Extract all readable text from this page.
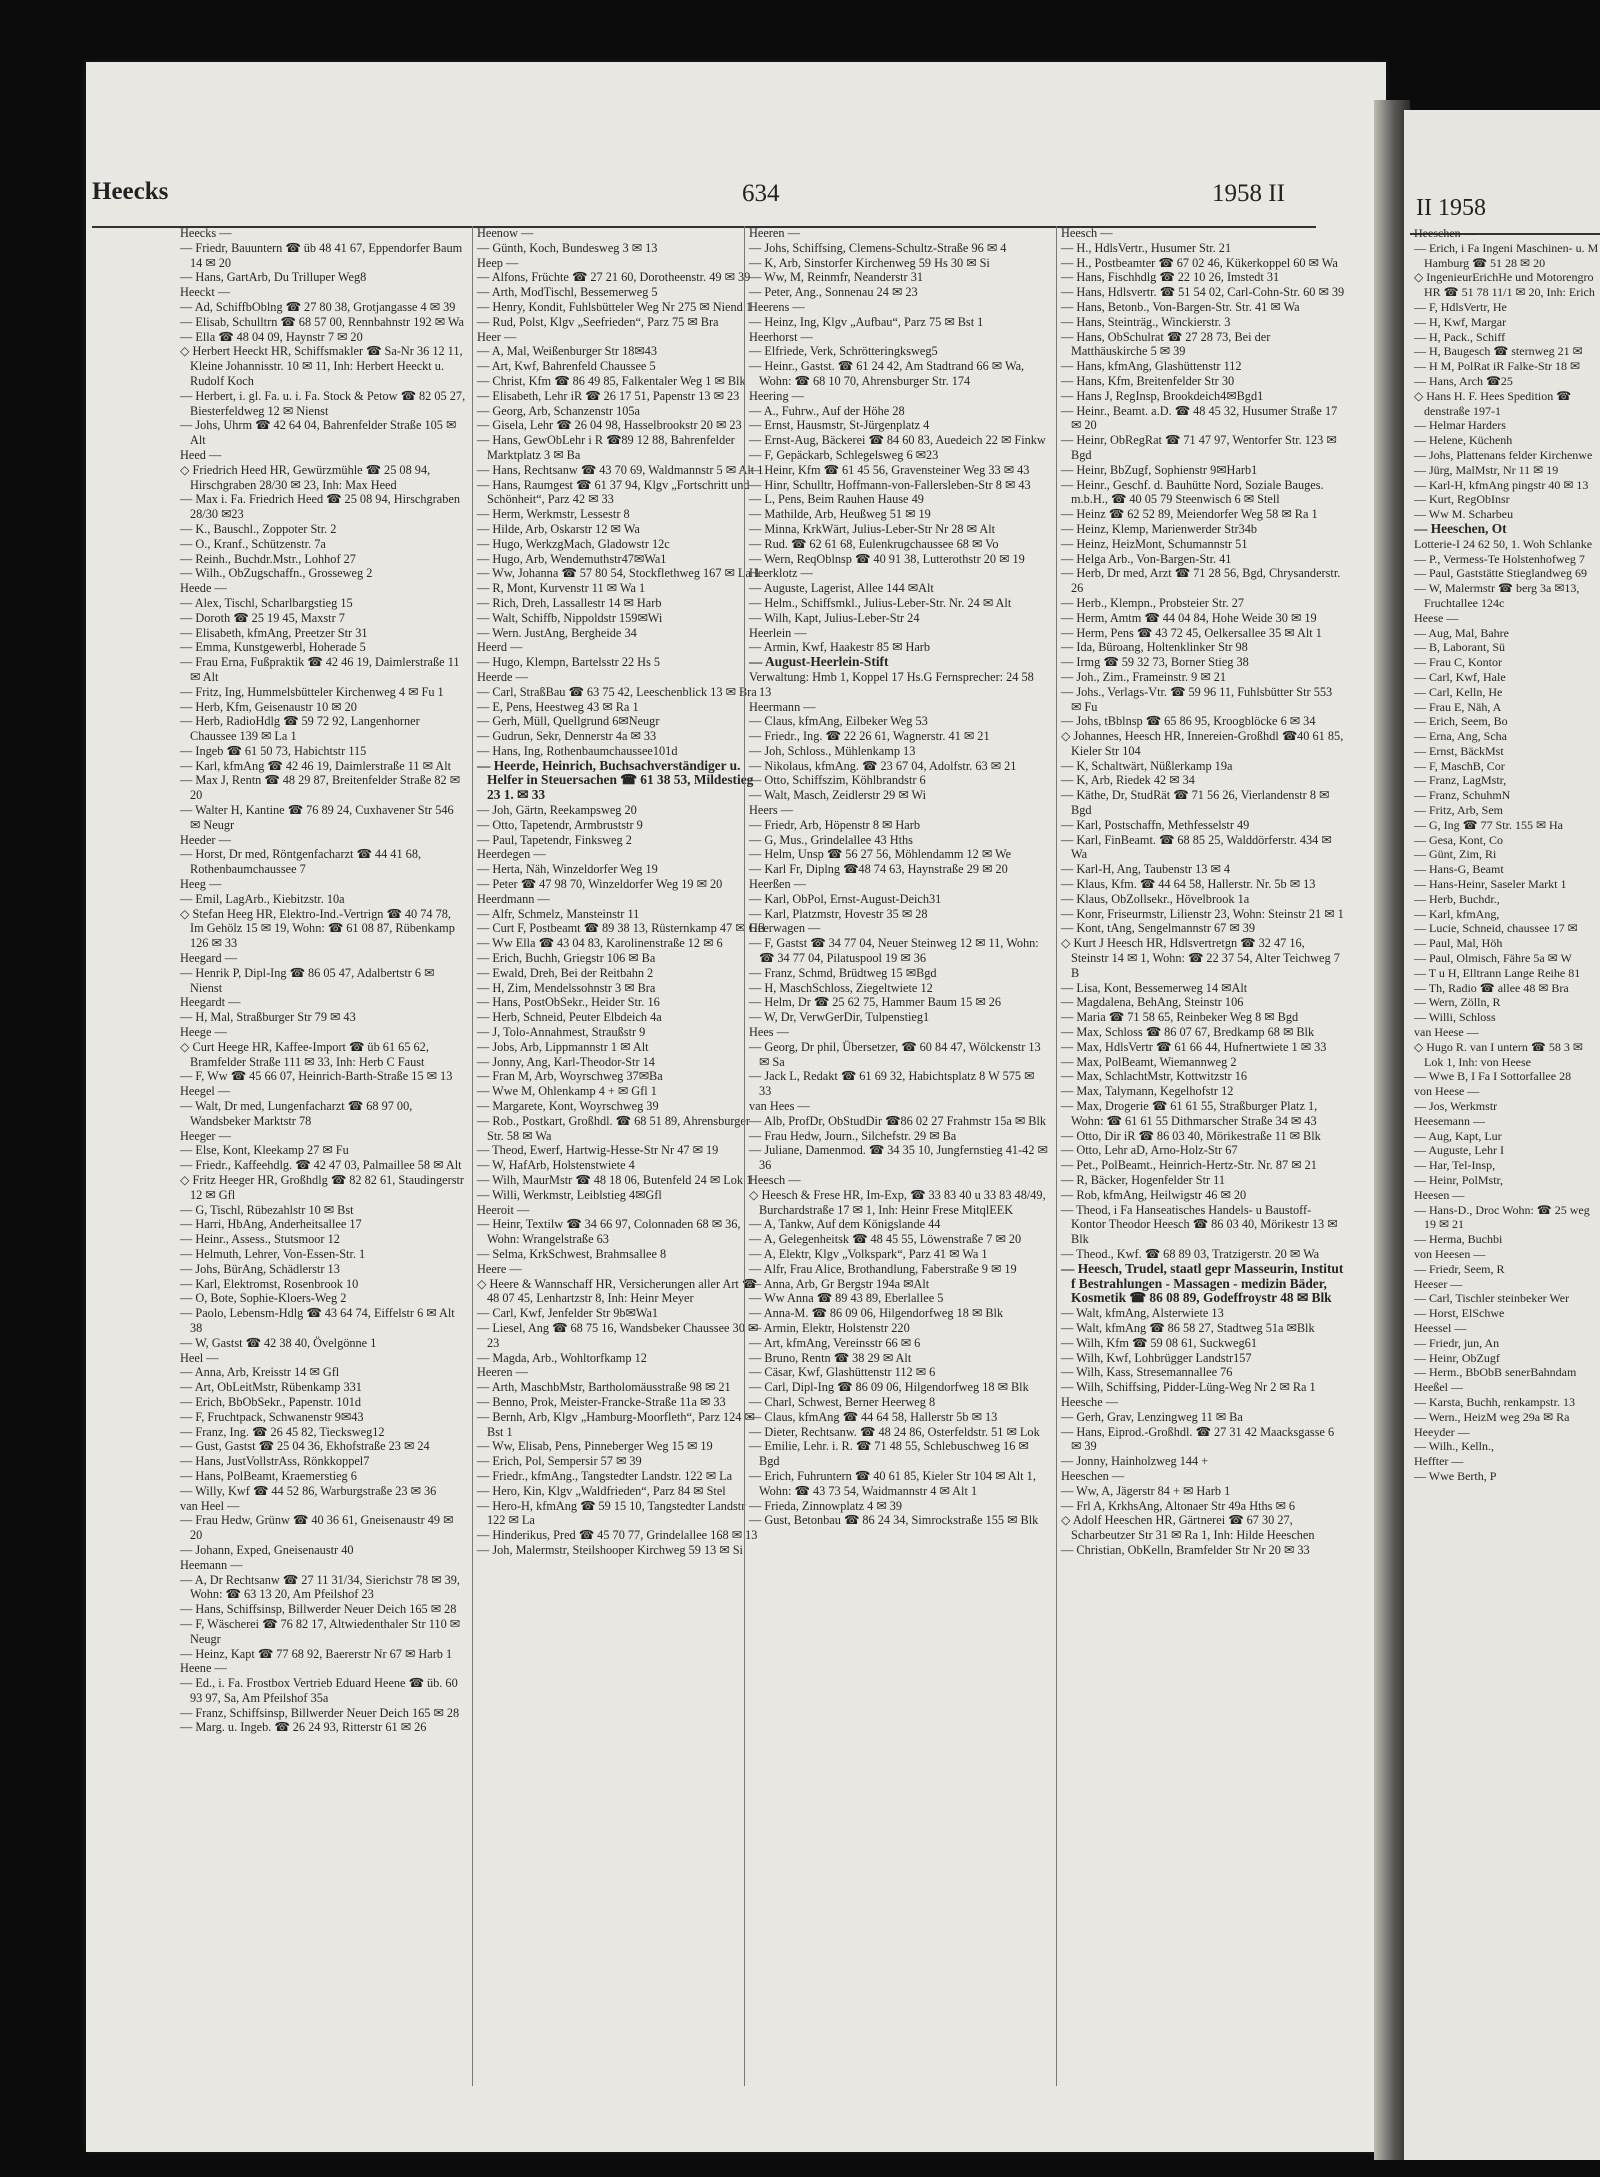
Heecks	634	1958 II
II 1958

Heecks —

— Friedr, Bauuntern ☎ üb 48 41 67, Eppendorfer Baum 14 ✉ 20

— Hans, GartArb, Du Trilluper Weg8

Heeckt —

— Ad, SchiffbOblng ☎ 27 80 38, Grotjangasse 4 ✉ 39

— Elisab, Schulltrn ☎ 68 57 00, Rennbahnstr 192 ✉ Wa

— Ella ☎ 48 04 09, Haynstr 7 ✉ 20

◇ Herbert Heeckt HR, Schiffsmakler ☎ Sa-Nr 36 12 11, Kleine Johannisstr. 10 ✉ 11, Inh: Herbert Heeckt u. Rudolf Koch

— Herbert, i. gl. Fa. u. i. Fa. Stock & Petow ☎ 82 05 27, Biesterfeldweg 12 ✉ Nienst

— Johs, Uhrm ☎ 42 64 04, Bahrenfelder Straße 105 ✉ Alt

Heed —

◇ Friedrich Heed HR, Gewürzmühle ☎ 25 08 94, Hirschgraben 28/30 ✉ 23, Inh: Max Heed

— Max i. Fa. Friedrich Heed ☎ 25 08 94, Hirschgraben 28/30 ✉23

— K., Bauschl., Zoppoter Str. 2

— O., Kranf., Schützenstr. 7a

— Reinh., Buchdr.Mstr., Lohhof 27

— Wilh., ObZugschaffn., Grosseweg 2

Heede —

— Alex, Tischl, Scharlbargstieg 15

— Doroth ☎ 25 19 45, Maxstr 7

— Elisabeth, kfmAng, Preetzer Str 31

— Emma, Kunstgewerbl, Hoherade 5

— Frau Erna, Fußpraktik ☎ 42 46 19, Daimlerstraße 11 ✉ Alt

— Fritz, Ing, Hummelsbütteler Kirchenweg 4 ✉ Fu 1

— Herb, Kfm, Geisenaustr 10 ✉ 20

— Herb, RadioHdlg ☎ 59 72 92, Langenhorner Chaussee 139 ✉ La 1

— Ingeb ☎ 61 50 73, Habichtstr 115

— Karl, kfmAng ☎ 42 46 19, Daimlerstraße 11 ✉ Alt

— Max J, Rentn ☎ 48 29 87, Breitenfelder Straße 82 ✉ 20

— Walter H, Kantine ☎ 76 89 24, Cuxhavener Str 546 ✉ Neugr

Heeder —

— Horst, Dr med, Röntgenfacharzt ☎ 44 41 68, Rothenbaumchaussee 7

Heeg —

— Emil, LagArb., Kiebitzstr. 10a

◇ Stefan Heeg HR, Elektro-Ind.-Vertrign ☎ 40 74 78, Im Gehölz 15 ✉ 19, Wohn: ☎ 61 08 87, Rübenkamp 126 ✉ 33

Heegard —

— Henrik P, Dipl-Ing ☎ 86 05 47, Adalbertstr 6 ✉ Nienst

Heegardt —

— H, Mal, Straßburger Str 79 ✉ 43

Heege —

◇ Curt Heege HR, Kaffee-Import ☎ üb 61 65 62, Bramfelder Straße 111 ✉ 33, Inh: Herb C Faust

— F, Ww ☎ 45 66 07, Heinrich-Barth-Straße 15 ✉ 13

Heegel —

— Walt, Dr med, Lungenfacharzt ☎ 68 97 00, Wandsbeker Marktstr 78

Heeger —

— Else, Kont, Kleekamp 27 ✉ Fu

— Friedr., Kaffeehdlg. ☎ 42 47 03, Palmaillee 58 ✉ Alt

◇ Fritz Heeger HR, Großhdlg ☎ 82 82 61, Staudingerstr 12 ✉ Gfl

— G, Tischl, Rübezahlstr 10 ✉ Bst

— Harri, HbAng, Anderheitsallee 17

— Heinr., Assess., Stutsmoor 12

— Helmuth, Lehrer, Von-Essen-Str. 1

— Johs, BürAng, Schädlerstr 13

— Karl, Elektromst, Rosenbrook 10

— O, Bote, Sophie-Kloers-Weg 2

— Paolo, Lebensm-Hdlg ☎ 43 64 74, Eiffelstr 6 ✉ Alt 38

— W, Gastst ☎ 42 38 40, Övelgönne 1

Heel —

— Anna, Arb, Kreisstr 14 ✉ Gfl

— Art, ObLeitMstr, Rübenkamp 331

— Erich, BbObSekr., Papenstr. 101d

— F, Fruchtpack, Schwanenstr 9✉43

— Franz, Ing. ☎ 26 45 82, Tiecksweg12

— Gust, Gastst ☎ 25 04 36, Ekhofstraße 23 ✉ 24

— Hans, JustVollstrAss, Rönkkoppel7

— Hans, PolBeamt, Kraemerstieg 6

— Willy, Kwf ☎ 44 52 86, Warburgstraße 23 ✉ 36

van Heel —

— Frau Hedw, Grünw ☎ 40 36 61, Gneisenaustr 49 ✉ 20

— Johann, Exped, Gneisenaustr 40

Heemann —

— A, Dr Rechtsanw ☎ 27 11 31/34, Sierichstr 78 ✉ 39, Wohn: ☎ 63 13 20, Am Pfeilshof 23

— Hans, Schiffsinsp, Billwerder Neuer Deich 165 ✉ 28

— F, Wäscherei ☎ 76 82 17, Altwiedenthaler Str 110 ✉ Neugr

— Heinz, Kapt ☎ 77 68 92, Baererstr Nr 67 ✉ Harb 1

Heene —

— Ed., i. Fa. Frostbox Vertrieb Eduard Heene ☎ üb. 60 93 97, Sa, Am Pfeilshof 35a

— Franz, Schiffsinsp, Billwerder Neuer Deich 165 ✉ 28

— Marg. u. Ingeb. ☎ 26 24 93, Ritterstr 61 ✉ 26

Heenow —

— Günth, Koch, Bundesweg 3 ✉ 13

Heep —

— Alfons, Früchte ☎ 27 21 60, Dorotheenstr. 49 ✉ 39

— Arth, ModTischl, Bessemerweg 5

— Henry, Kondit, Fuhlsbütteler Weg Nr 275 ✉ Niend 1

— Rud, Polst, Klgv „Seefrieden“, Parz 75 ✉ Bra

Heer —

— A, Mal, Weißenburger Str 18✉43

— Art, Kwf, Bahrenfeld Chaussee 5

— Christ, Kfm ☎ 86 49 85, Falkentaler Weg 1 ✉ Blk

— Elisabeth, Lehr iR ☎ 26 17 51, Papenstr 13 ✉ 23

— Georg, Arb, Schanzenstr 105a

— Gisela, Lehr ☎ 26 04 98, Hasselbrookstr 20 ✉ 23

— Hans, GewObLehr i R ☎89 12 88, Bahrenfelder Marktplatz 3 ✉ Ba

— Hans, Rechtsanw ☎ 43 70 69, Waldmannstr 5 ✉ Alt 1

— Hans, Raumgest ☎ 61 37 94, Klgv „Fortschritt und Schönheit“, Parz 42 ✉ 33

— Herm, Werkmstr, Lessestr 8

— Hilde, Arb, Oskarstr 12 ✉ Wa

— Hugo, WerkzgMach, Gladowstr 12c

— Hugo, Arb, Wendemuthstr47✉Wa1

— Ww, Johanna ☎ 57 80 54, Stockflethweg 167 ✉ La 1

— R, Mont, Kurvenstr 11 ✉ Wa 1

— Rich, Dreh, Lassallestr 14 ✉ Harb

— Walt, Schiffb, Nippoldstr 159✉Wi

— Wern. JustAng, Bergheide 34

Heerd —

— Hugo, Klempn, Bartelsstr 22 Hs 5

Heerde —

— Carl, StraßBau ☎ 63 75 42, Leeschenblick 13 ✉ Bra

— E, Pens, Heestweg 43 ✉ Ra 1

— Gerh, Müll, Quellgrund 6✉Neugr

— Gudrun, Sekr, Dennerstr 4a ✉ 33

— Hans, Ing, Rothenbaumchaussee101d

— Heerde, Heinrich, Buchsachverständiger u. Helfer in Steuersachen ☎ 61 38 53, Mildestieg 23 1. ✉ 33

— Joh, Gärtn, Reekampsweg 20

— Otto, Tapetendr, Armbruststr 9

— Paul, Tapetendr, Finksweg 2

Heerdegen —

— Herta, Näh, Winzeldorfer Weg 19

— Peter ☎ 47 98 70, Winzeldorfer Weg 19 ✉ 20

Heerdmann —

— Alfr, Schmelz, Mansteinstr 11

— Curt F, Postbeamt ☎ 89 38 13, Rüsternkamp 47 ✉ Gfl

— Ww Ella ☎ 43 04 83, Karolinenstraße 12 ✉ 6

— Erich, Buchh, Griegstr 106 ✉ Ba

— Ewald, Dreh, Bei der Reitbahn 2

— H, Zim, Mendelssohnstr 3 ✉ Bra

— Hans, PostObSekr., Heider Str. 16

— Herb, Schneid, Peuter Elbdeich 4a

— J, Tolo-Annahmest, Straußstr 9

— Jobs, Arb, Lippmannstr 1 ✉ Alt

— Jonny, Ang, Karl-Theodor-Str 14

— Fran M, Arb, Woyrschweg 37✉Ba

— Wwe M, Ohlenkamp 4 + ✉ Gfl 1

— Margarete, Kont, Woyrschweg 39

— Rob., Postkart, Großhdl. ☎ 68 51 89, Ahrensburger Str. 58 ✉ Wa

— Theod, Ewerf, Hartwig-Hesse-Str Nr 47 ✉ 19

— W, HafArb, Holstenstwiete 4

— Wilh, MaurMstr ☎ 48 18 06, Butenfeld 24 ✉ Lok 1

— Willi, Werkmstr, Leiblstieg 4✉Gfl

Heeroit —

— Heinr, Textilw ☎ 34 66 97, Colonnaden 68 ✉ 36, Wohn: Wrangelstraße 63

— Selma, KrkSchwest, Brahmsallee 8

Heere —

◇ Heere & Wannschaff HR, Versicherungen aller Art ☎ 48 07 45, Lenhartzstr 8, Inh: Heinr Meyer

— Carl, Kwf, Jenfelder Str 9b✉Wa1

— Liesel, Ang ☎ 68 75 16, Wandsbeker Chaussee 30 ✉ 23

— Magda, Arb., Wohltorfkamp 12

Heeren —

— Arth, MaschbMstr, Bartholomäusstraße 98 ✉ 21

— Benno, Prok, Meister-Francke-Straße 11a ✉ 33

— Bernh, Arb, Klgv „Hamburg-Moorfleth“, Parz 124 ✉ Bst 1

— Ww, Elisab, Pens, Pinneberger Weg 15 ✉ 19

— Erich, Pol, Sempersir 57 ✉ 39

— Friedr., kfmAng., Tangstedter Landstr. 122 ✉ La

— Hero, Kin, Klgv „Waldfrieden“, Parz 84 ✉ Stel

— Hero-H, kfmAng ☎ 59 15 10, Tangstedter Landstr 122 ✉ La

— Hinderikus, Pred ☎ 45 70 77, Grindelallee 168 ✉ 13

— Joh, Malermstr, Steilshooper Kirchweg 59 13 ✉ Si

Heeren —

— Johs, Schiffsing, Clemens-Schultz-Straße 96 ✉ 4

— K, Arb, Sinstorfer Kirchenweg 59 Hs 30 ✉ Si

— Ww, M, Reinmfr, Neanderstr 31

— Peter, Ang., Sonnenau 24 ✉ 23

Heerens —

— Heinz, Ing, Klgv „Aufbau“, Parz 75 ✉ Bst 1

Heerhorst —

— Elfriede, Verk, Schrötteringksweg5

— Heinr., Gastst. ☎ 61 24 42, Am Stadtrand 66 ✉ Wa, Wohn: ☎ 68 10 70, Ahrensburger Str. 174

Heering —

— A., Fuhrw., Auf der Höhe 28

— Ernst, Hausmstr, St-Jürgenplatz 4

— Ernst-Aug, Bäckerei ☎ 84 60 83, Auedeich 22 ✉ Finkw

— F, Gepäckarb, Schlegelsweg 6 ✉23

— Heinr, Kfm ☎ 61 45 56, Gravensteiner Weg 33 ✉ 43

— Hinr, Schulltr, Hoffmann-von-Fallersleben-Str 8 ✉ 43

— L, Pens, Beim Rauhen Hause 49

— Mathilde, Arb, Heußweg 51 ✉ 19

— Minna, KrkWärt, Julius-Leber-Str Nr 28 ✉ Alt

— Rud. ☎ 62 61 68, Eulenkrugchaussee 68 ✉ Vo

— Wern, ReqOblnsp ☎ 40 91 38, Lutterothstr 20 ✉ 19

Heerklotz —

— Auguste, Lagerist, Allee 144 ✉Alt

— Helm., Schiffsmkl., Julius-Leber-Str. Nr. 24 ✉ Alt

— Wilh, Kapt, Julius-Leber-Str 24

Heerlein —

— Armin, Kwf, Haakestr 85 ✉ Harb

— August-Heerlein-Stift

Verwaltung: Hmb 1, Koppel 17 Hs.G Fernsprecher: 24 58 13

Heermann —

— Claus, kfmAng, Eilbeker Weg 53

— Friedr., Ing. ☎ 22 26 61, Wagnerstr. 41 ✉ 21

— Joh, Schloss., Mühlenkamp 13

— Nikolaus, kfmAng. ☎ 23 67 04, Adolfstr. 63 ✉ 21

— Otto, Schiffszim, Köhlbrandstr 6

— Walt, Masch, Zeidlerstr 29 ✉ Wi

Heers —

— Friedr, Arb, Höpenstr 8 ✉ Harb

— G, Mus., Grindelallee 43 Hths

— Helm, Unsp ☎ 56 27 56, Möhlendamm 12 ✉ We

— Karl Fr, Diplng ☎48 74 63, Haynstraße 29 ✉ 20

Heerßen —

— Karl, ObPol, Ernst-August-Deich31

— Karl, Platzmstr, Hovestr 35 ✉ 28

Heerwagen —

— F, Gastst ☎ 34 77 04, Neuer Steinweg 12 ✉ 11, Wohn: ☎ 34 77 04, Pilatuspool 19 ✉ 36

— Franz, Schmd, Brüdtweg 15 ✉Bgd

— H, MaschSchloss, Ziegeltwiete 12

— Helm, Dr ☎ 25 62 75, Hammer Baum 15 ✉ 26

— W, Dr, VerwGerDir, Tulpenstieg1

Hees —

— Georg, Dr phil, Übersetzer, ☎ 60 84 47, Wölckenstr 13 ✉ Sa

— Jack L, Redakt ☎ 61 69 32, Habichtsplatz 8 W 575 ✉ 33

van Hees —

— Alb, ProfDr, ObStudDir ☎86 02 27 Frahmstr 15a ✉ Blk

— Frau Hedw, Journ., Silchefstr. 29 ✉ Ba

— Juliane, Damenmod. ☎ 34 35 10, Jungfernstieg 41-42 ✉ 36

Heesch —

◇ Heesch & Frese HR, Im-Exp, ☎ 33 83 40 u 33 83 48/49, Burchardstraße 17 ✉ 1, Inh: Heinr Frese MitqlEEK

— A, Tankw, Auf dem Königslande 44

— A, Gelegenheitsk ☎ 48 45 55, Löwenstraße 7 ✉ 20

— A, Elektr, Klgv „Volkspark“, Parz 41 ✉ Wa 1

— Alfr, Frau Alice, Brothandlung, Faberstraße 9 ✉ 19

— Anna, Arb, Gr Bergstr 194a ✉Alt

— Ww Anna ☎ 89 43 89, Eberlallee 5

— Anna-M. ☎ 86 09 06, Hilgendorfweg 18 ✉ Blk

— Armin, Elektr, Holstenstr 220

— Art, kfmAng, Vereinsstr 66 ✉ 6

— Bruno, Rentn ☎ 38 29 ✉ Alt

— Cäsar, Kwf, Glashüttenstr 112 ✉ 6

— Carl, Dipl-Ing ☎ 86 09 06, Hilgendorfweg 18 ✉ Blk

— Charl, Schwest, Berner Heerweg 8

— Claus, kfmAng ☎ 44 64 58, Hallerstr 5b ✉ 13

— Dieter, Rechtsanw. ☎ 48 24 86, Osterfeldstr. 51 ✉ Lok

— Emilie, Lehr. i. R. ☎ 71 48 55, Schlebuschweg 16 ✉ Bgd

— Erich, Fuhruntern ☎ 40 61 85, Kieler Str 104 ✉ Alt 1, Wohn: ☎ 43 73 54, Waidmannstr 4 ✉ Alt 1

— Frieda, Zinnowplatz 4 ✉ 39

— Gust, Betonbau ☎ 86 24 34, Simrockstraße 155 ✉ Blk

Heesch —

— H., HdlsVertr., Husumer Str. 21

— H., Postbeamter ☎ 67 02 46, Kükerkoppel 60 ✉ Wa

— Hans, Fischhdlg ☎ 22 10 26, Imstedt 31

— Hans, Hdlsvertr. ☎ 51 54 02, Carl-Cohn-Str. 60 ✉ 39

— Hans, Betonb., Von-Bargen-Str. Str. 41 ✉ Wa

— Hans, Steinträg., Winckierstr. 3

— Hans, ObSchulrat ☎ 27 28 73, Bei der Matthäuskirche 5 ✉ 39

— Hans, kfmAng, Glashüttenstr 112

— Hans, Kfm, Breitenfelder Str 30

— Hans J, RegInsp, Brookdeich4✉Bgd1

— Heinr., Beamt. a.D. ☎ 48 45 32, Husumer Straße 17 ✉ 20

— Heinr, ObRegRat ☎ 71 47 97, Wentorfer Str. 123 ✉ Bgd

— Heinr, BbZugf, Sophienstr 9✉Harb1

— Heinr., Geschf. d. Bauhütte Nord, Soziale Bauges. m.b.H., ☎ 40 05 79 Steenwisch 6 ✉ Stell

— Heinz ☎ 62 52 89, Meiendorfer Weg 58 ✉ Ra 1

— Heinz, Klemp, Marienwerder Str34b

— Heinz, HeizMont, Schumannstr 51

— Helga Arb., Von-Bargen-Str. 41

— Herb, Dr med, Arzt ☎ 71 28 56, Bgd, Chrysanderstr. 26

— Herb., Klempn., Probsteier Str. 27

— Herm, Amtm ☎ 44 04 84, Hohe Weide 30 ✉ 19

— Herm, Pens ☎ 43 72 45, Oelkersallee 35 ✉ Alt 1

— Ida, Büroang, Holtenklinker Str 98

— Irmg ☎ 59 32 73, Borner Stieg 38

— Joh., Zim., Frameinstr. 9 ✉ 21

— Johs., Verlags-Vtr. ☎ 59 96 11, Fuhlsbütter Str 553 ✉ Fu

— Johs, tBblnsp ☎ 65 86 95, Kroogblöcke 6 ✉ 34

◇ Johannes, Heesch HR, Innereien-Großhdl ☎40 61 85, Kieler Str 104

— K, Schaltwärt, Nüßlerkamp 19a

— K, Arb, Riedek 42 ✉ 34

— Käthe, Dr, StudRät ☎ 71 56 26, Vierlandenstr 8 ✉ Bgd

— Karl, Postschaffn, Methfesselstr 49

— Karl, FinBeamt. ☎ 68 85 25, Walddörferstr. 434 ✉ Wa

— Karl-H, Ang, Taubenstr 13 ✉ 4

— Klaus, Kfm. ☎ 44 64 58, Hallerstr. Nr. 5b ✉ 13

— Klaus, ObZollsekr., Hövelbrook 1a

— Konr, Friseurmstr, Lilienstr 23, Wohn: Steinstr 21 ✉ 1

— Kont, tAng, Sengelmannstr 67 ✉ 39

◇ Kurt J Heesch HR, Hdlsvertretgn ☎ 32 47 16, Steinstr 14 ✉ 1, Wohn: ☎ 22 37 54, Alter Teichweg 7 B

— Lisa, Kont, Bessemerweg 14 ✉Alt

— Magdalena, BehAng, Steinstr 106

— Maria ☎ 71 58 65, Reinbeker Weg 8 ✉ Bgd

— Max, Schloss ☎ 86 07 67, Bredkamp 68 ✉ Blk

— Max, HdlsVertr ☎ 61 66 44, Hufnertwiete 1 ✉ 33

— Max, PolBeamt, Wiemannweg 2

— Max, SchlachtMstr, Kottwitzstr 16

— Max, Talymann, Kegelhofstr 12

— Max, Drogerie ☎ 61 61 55, Straßburger Platz 1, Wohn: ☎ 61 61 55 Dithmarscher Straße 34 ✉ 43

— Otto, Dir iR ☎ 86 03 40, Mörikestraße 11 ✉ Blk

— Otto, Lehr aD, Arno-Holz-Str 67

— Pet., PolBeamt., Heinrich-Hertz-Str. Nr. 87 ✉ 21

— R, Bäcker, Hogenfelder Str 11

— Rob, kfmAng, Heilwigstr 46 ✉ 20

— Theod, i Fa Hanseatisches Handels- u Baustoff-Kontor Theodor Heesch ☎ 86 03 40, Mörikestr 13 ✉ Blk

— Theod., Kwf. ☎ 68 89 03, Tratzigerstr. 20 ✉ Wa

— Heesch, Trudel, staatl gepr Masseurin, Institut f Bestrahlungen - Massagen - medizin Bäder, Kosmetik ☎ 86 08 89, Godeffroystr 48 ✉ Blk

— Walt, kfmAng, Alsterwiete 13

— Walt, kfmAng ☎ 86 58 27, Stadtweg 51a ✉Blk

— Wilh, Kfm ☎ 59 08 61, Suckweg61

— Wilh, Kwf, Lohbrügger Landstr157

— Wilh, Kass, Stresemannallee 76

— Wilh, Schiffsing, Pidder-Lüng-Weg Nr 2 ✉ Ra 1

Heesche —

— Gerh, Grav, Lenzingweg 11 ✉ Ba

— Hans, Eiprod.-Großhdl. ☎ 27 31 42 Maacksgasse 6 ✉ 39

— Jonny, Hainholzweg 144 +

Heeschen —

— Ww, A, Jägerstr 84 + ✉ Harb 1

— Frl A, KrkhsAng, Altonaer Str 49a Hths ✉ 6

◇ Adolf Heeschen HR, Gärtnerei ☎ 67 30 27, Scharbeutzer Str 31 ✉ Ra 1, Inh: Hilde Heeschen

— Christian, ObKelln, Bramfelder Str Nr 20 ✉ 33

Heeschen —

— Erich, i Fa Ingeni Maschinen- u. M Hamburg ☎ 51 28 ✉ 20

◇ IngenieurErichHe und Motorengro HR ☎ 51 78 11/1 ✉ 20, Inh: Erich

— F, HdlsVertr, He

— H, Kwf, Margar

— H, Pack., Schiff

— H, Baugesch ☎ sternweg 21 ✉

— H M, PolRat iR Falke-Str 18 ✉

— Hans, Arch ☎25

◇ Hans H. F. Hees Spedition ☎ denstraße 197-1

— Helmar Harders

— Helene, Küchenh

— Johs, Plattenans felder Kirchenwe

— Jürg, MalMstr, Nr 11 ✉ 19

— Karl-H, kfmAng pingstr 40 ✉ 13

— Kurt, RegObInsr

— Ww M. Scharbeu

— Heeschen, Ot

Lotterie-I 24 62 50, 1. Woh Schlanke

— P., Vermess-Te Holstenhofweg 7

— Paul, Gaststätte Stieglandweg 69

— W, Malermstr ☎ berg 3a ✉13, Fruchtallee 124c

Heese —

— Aug, Mal, Bahre

— B, Laborant, Sü

— Frau C, Kontor

— Carl, Kwf, Hale

— Carl, Kelln, He

— Frau E, Näh, A

— Erich, Seem, Bo

— Erna, Ang, Scha

— Ernst, BäckMst

— F, MaschB, Cor

— Franz, LagMstr,

— Franz, SchuhmN

— Fritz, Arb, Sem

— G, Ing ☎ 77 Str. 155 ✉ Ha

— Gesa, Kont, Co

— Günt, Zim, Ri

— Hans-G, Beamt

— Hans-Heinr, Saseler Markt 1

— Herb, Buchdr.,

— Karl, kfmAng,

— Lucie, Schneid, chaussee 17 ✉

— Paul, Mal, Höh

— Paul, Olmisch, Fähre 5a ✉ W

— T u H, Elltrann Lange Reihe 81

— Th, Radio ☎ allee 48 ✉ Bra

— Wern, Zölln, R

— Willi, Schloss

van Heese —

◇ Hugo R. van I untern ☎ 58 3 ✉ Lok 1, Inh: von Heese

— Wwe B, I Fa I Sottorfallee 28

von Heese —

— Jos, Werkmstr

Heesemann —

— Aug, Kapt, Lur

— Auguste, Lehr I

— Har, Tel-Insp,

— Heinr, PolMstr,

Heesen —

— Hans-D., Droc Wohn: ☎ 25 weg 19 ✉ 21

— Herma, Buchbi

von Heesen —

— Friedr, Seem, R

Heeser —

— Carl, Tischler steinbeker Wer

— Horst, ElSchwe

Heessel —

— Friedr, jun, An

— Heinr, ObZugf

— Herm., BbObB senerBahndam

Heeßel —

— Karsta, Buchh, renkampstr. 13

— Wern., HeizM weg 29a ✉ Ra

Heeyder —

— Wilh., Kelln.,

Heffter —

— Wwe Berth, P
